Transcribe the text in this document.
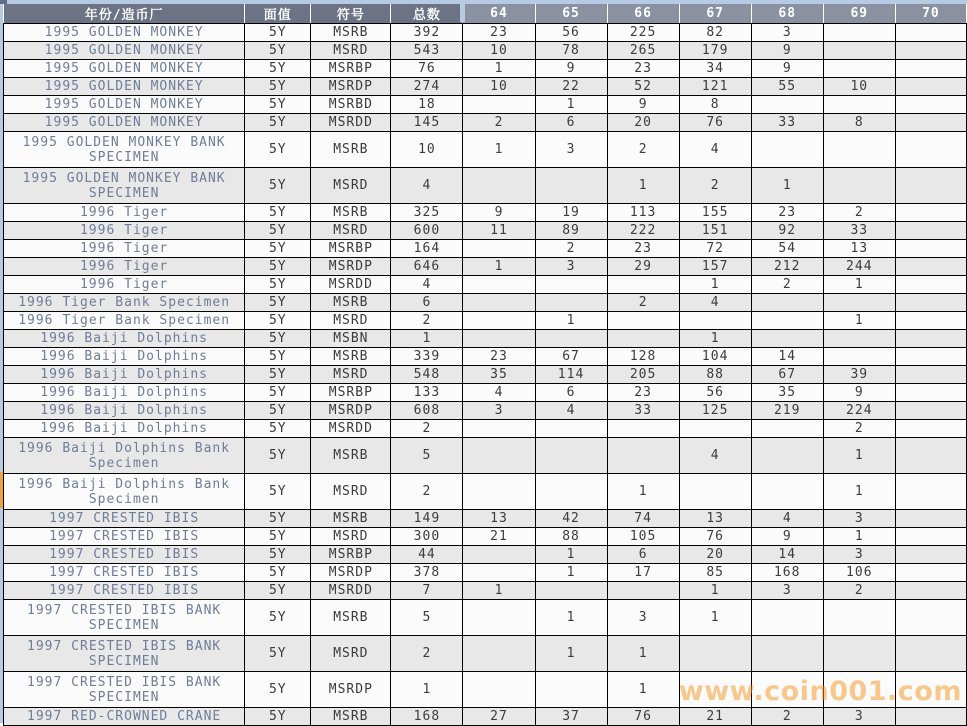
年份/造币厂	面值	符号	总数	64	65	66	67	68	69	70
1995 GOLDEN MONKEY	5Y	MSRB	392	23	56	225	82	3		
1995 GOLDEN MONKEY	5Y	MSRD	543	10	78	265	179	9		
1995 GOLDEN MONKEY	5Y	MSRBP	76	1	9	23	34	9		
1995 GOLDEN MONKEY	5Y	MSRDP	274	10	22	52	121	55	10	
1995 GOLDEN MONKEY	5Y	MSRBD	18		1	9	8			
1995 GOLDEN MONKEY	5Y	MSRDD	145	2	6	20	76	33	8	
1995 GOLDEN MONKEY BANK SPECIMEN	5Y	MSRB	10	1	3	2	4			
1995 GOLDEN MONKEY BANK SPECIMEN	5Y	MSRD	4			1	2	1		
1996 Tiger	5Y	MSRB	325	9	19	113	155	23	2	
1996 Tiger	5Y	MSRD	600	11	89	222	151	92	33	
1996 Tiger	5Y	MSRBP	164		2	23	72	54	13	
1996 Tiger	5Y	MSRDP	646	1	3	29	157	212	244	
1996 Tiger	5Y	MSRDD	4				1	2	1	
1996 Tiger Bank Specimen	5Y	MSRB	6			2	4			
1996 Tiger Bank Specimen	5Y	MSRD	2		1				1	
1996 Baiji Dolphins	5Y	MSBN	1				1			
1996 Baiji Dolphins	5Y	MSRB	339	23	67	128	104	14		
1996 Baiji Dolphins	5Y	MSRD	548	35	114	205	88	67	39	
1996 Baiji Dolphins	5Y	MSRBP	133	4	6	23	56	35	9	
1996 Baiji Dolphins	5Y	MSRDP	608	3	4	33	125	219	224	
1996 Baiji Dolphins	5Y	MSRDD	2						2	
1996 Baiji Dolphins Bank Specimen	5Y	MSRB	5				4		1	
1996 Baiji Dolphins Bank Specimen	5Y	MSRD	2			1			1	
1997 CRESTED IBIS	5Y	MSRB	149	13	42	74	13	4	3	
1997 CRESTED IBIS	5Y	MSRD	300	21	88	105	76	9	1	
1997 CRESTED IBIS	5Y	MSRBP	44		1	6	20	14	3	
1997 CRESTED IBIS	5Y	MSRDP	378		1	17	85	168	106	
1997 CRESTED IBIS	5Y	MSRDD	7	1			1	3	2	
1997 CRESTED IBIS BANK SPECIMEN	5Y	MSRB	5		1	3	1			
1997 CRESTED IBIS BANK SPECIMEN	5Y	MSRD	2		1	1				
1997 CRESTED IBIS BANK SPECIMEN	5Y	MSRDP	1			1				
1997 RED-CROWNED CRANE	5Y	MSRB	168	27	37	76	21	2	3	
www.coin001.com
